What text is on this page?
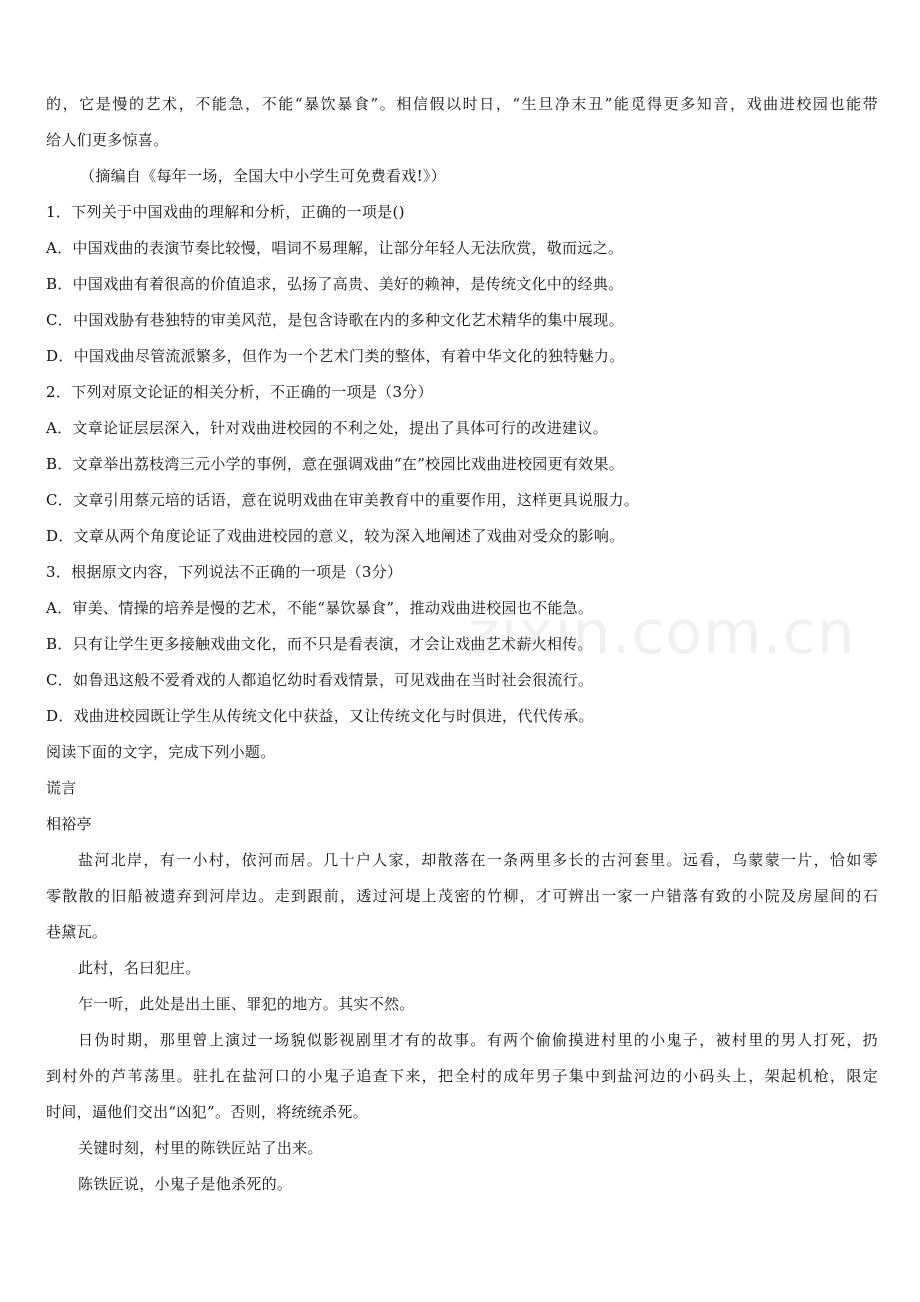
的，它是慢的艺术，不能急，不能“暴饮暴食”。相信假以时日，“生旦净末丑”能觅得更多知音，戏曲进校园也能带
给人们更多惊喜。
（摘编自《每年一场，全国大中小学生可免费看戏!》）
1．下列关于中国戏曲的理解和分析，正确的一项是()
A．中国戏曲的表演节奏比较慢，唱词不易理解，让部分年轻人无法欣赏，敬而远之。
B．中国戏曲有着很高的价值追求，弘扬了高贵、美好的赖神，是传统文化中的经典。
C．中国戏胁有巷独特的审美风范，是包含诗歌在内的多种文化艺术精华的集中展现。
D．中国戏曲尽管流派繁多，但作为一个艺术门类的整体，有着中华文化的独特魅力。
2．下列对原文论证的相关分析，不正确的一项是（3分）
A．文章论证层层深入，针对戏曲进校园的不利之处，提出了具体可行的改进建议。
B．文章举出荔枝湾三元小学的事例，意在强调戏曲“在”校园比戏曲进校园更有效果。
C．文章引用蔡元培的话语，意在说明戏曲在审美教育中的重要作用，这样更具说服力。
D．文章从两个角度论证了戏曲进校园的意义，较为深入地阐述了戏曲对受众的影响。
3．根据原文内容，下列说法不正确的一项是（3分）
A．审美、情操的培养是慢的艺术，不能“暴饮暴食”，推动戏曲进校园也不能急。
B．只有让学生更多接触戏曲文化，而不只是看表演，才会让戏曲艺术薪火相传。
C．如鲁迅这般不爱肴戏的人都追忆幼时看戏情景，可见戏曲在当时社会很流行。
D．戏曲进校园既让学生从传统文化中获益，又让传统文化与时俱进，代代传承。
阅读下面的文字，完成下列小题。
谎言
相裕亭
盐河北岸，有一小村，依河而居。几十户人家，却散落在一条两里多长的古河套里。远看，乌蒙蒙一片，恰如零
零散散的旧船被遗弃到河岸边。走到跟前，透过河堤上茂密的竹柳，才可辨出一家一户错落有致的小院及房屋间的石
巷黛瓦。
此村，名曰犯庄。
乍一听，此处是出土匪、罪犯的地方。其实不然。
日伪时期，那里曾上演过一场貌似影视剧里才有的故事。有两个偷偷摸进村里的小鬼子，被村里的男人打死，扔
到村外的芦苇荡里。驻扎在盐河口的小鬼子追查下来，把全村的成年男子集中到盐河边的小码头上，架起机枪，限定
时间，逼他们交出“凶犯”。否则，将统统杀死。
关键时刻，村里的陈铁匠站了出来。
陈铁匠说，小鬼子是他杀死的。
zixin.com.cn
